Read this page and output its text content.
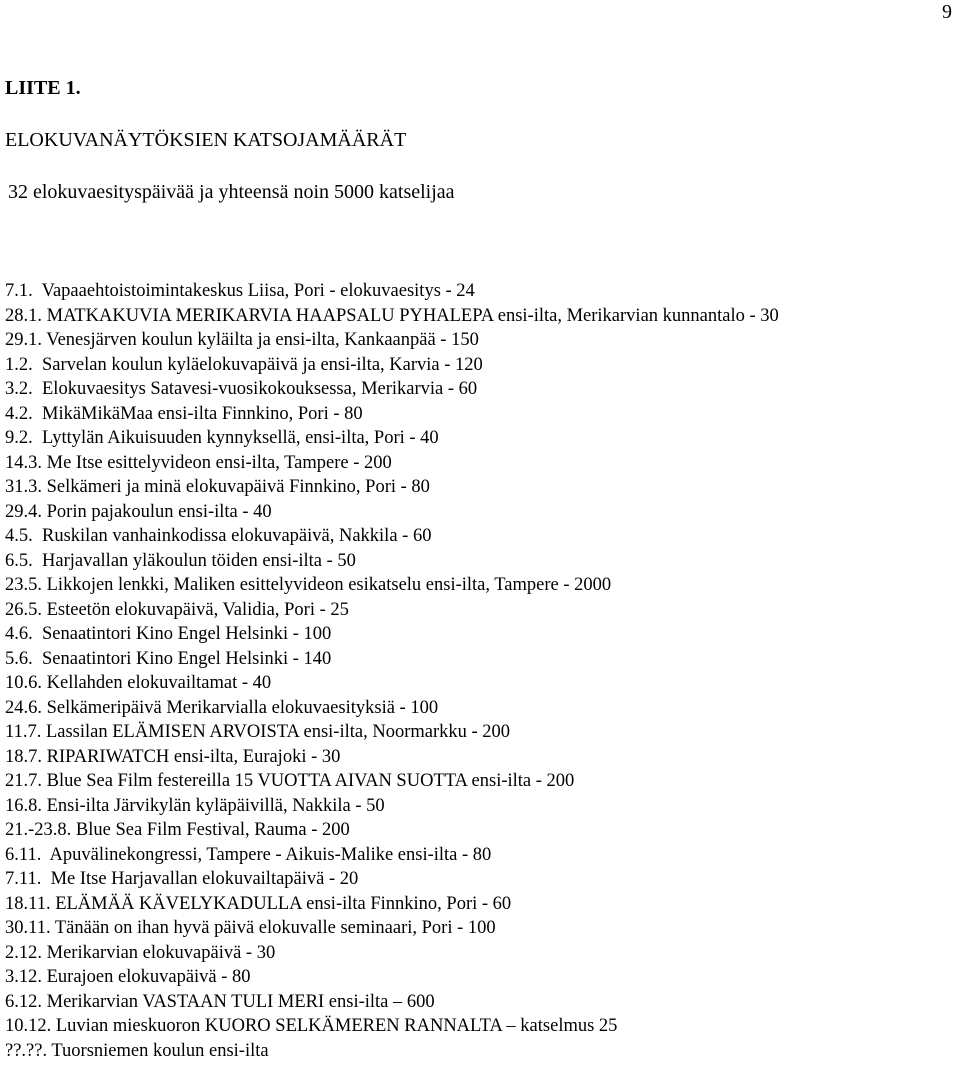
9
LIITE 1.
ELOKUVANÄYTÖKSIEN KATSOJAMÄÄRÄT
32 elokuvaesityspäivää ja yhteensä noin 5000 katselijaa
7.1.  Vapaaehtoistoimintakeskus Liisa, Pori - elokuvaesitys - 24
28.1. MATKAKUVIA MERIKARVIA HAAPSALU PYHALEPA ensi-ilta, Merikarvian kunnantalo - 30
29.1. Venesjärven koulun kyläilta ja ensi-ilta, Kankaanpää - 150
1.2.  Sarvelan koulun kyläelokuvapäivä ja ensi-ilta, Karvia - 120
3.2.  Elokuvaesitys Satavesi-vuosikokouksessa, Merikarvia - 60
4.2.  MikäMikäMaa ensi-ilta Finnkino, Pori - 80
9.2.  Lyttylän Aikuisuuden kynnyksellä, ensi-ilta, Pori - 40
14.3. Me Itse esittelyvideon ensi-ilta, Tampere - 200
31.3. Selkämeri ja minä elokuvapäivä Finnkino, Pori - 80
29.4. Porin pajakoulun ensi-ilta - 40
4.5.  Ruskilan vanhainkodissa elokuvapäivä, Nakkila - 60
6.5.  Harjavallan yläkoulun töiden ensi-ilta - 50
23.5. Likkojen lenkki, Maliken esittelyvideon esikatselu ensi-ilta, Tampere - 2000
26.5. Esteetön elokuvapäivä, Validia, Pori - 25
4.6.  Senaatintori Kino Engel Helsinki - 100
5.6.  Senaatintori Kino Engel Helsinki - 140
10.6. Kellahden elokuvailtamat - 40
24.6. Selkämeripäivä Merikarvialla elokuvaesityksiä - 100
11.7. Lassilan ELÄMISEN ARVOISTA ensi-ilta, Noormarkku - 200
18.7. RIPARIWATCH ensi-ilta, Eurajoki - 30
21.7. Blue Sea Film festereilla 15 VUOTTA AIVAN SUOTTA ensi-ilta - 200
16.8. Ensi-ilta Järvikylän kyläpäivillä, Nakkila - 50
21.-23.8. Blue Sea Film Festival, Rauma - 200
6.11.  Apuvälinekongressi, Tampere - Aikuis-Malike ensi-ilta - 80
7.11.  Me Itse Harjavallan elokuvailtapäivä - 20
18.11. ELÄMÄÄ KÄVELYKADULLA ensi-ilta Finnkino, Pori - 60
30.11. Tänään on ihan hyvä päivä elokuvalle seminaari, Pori - 100
2.12. Merikarvian elokuvapäivä - 30
3.12. Eurajoen elokuvapäivä - 80
6.12. Merikarvian VASTAAN TULI MERI ensi-ilta – 600
10.12. Luvian mieskuoron KUORO SELKÄMEREN RANNALTA – katselmus 25
??.??. Tuorsniemen koulun ensi-ilta
